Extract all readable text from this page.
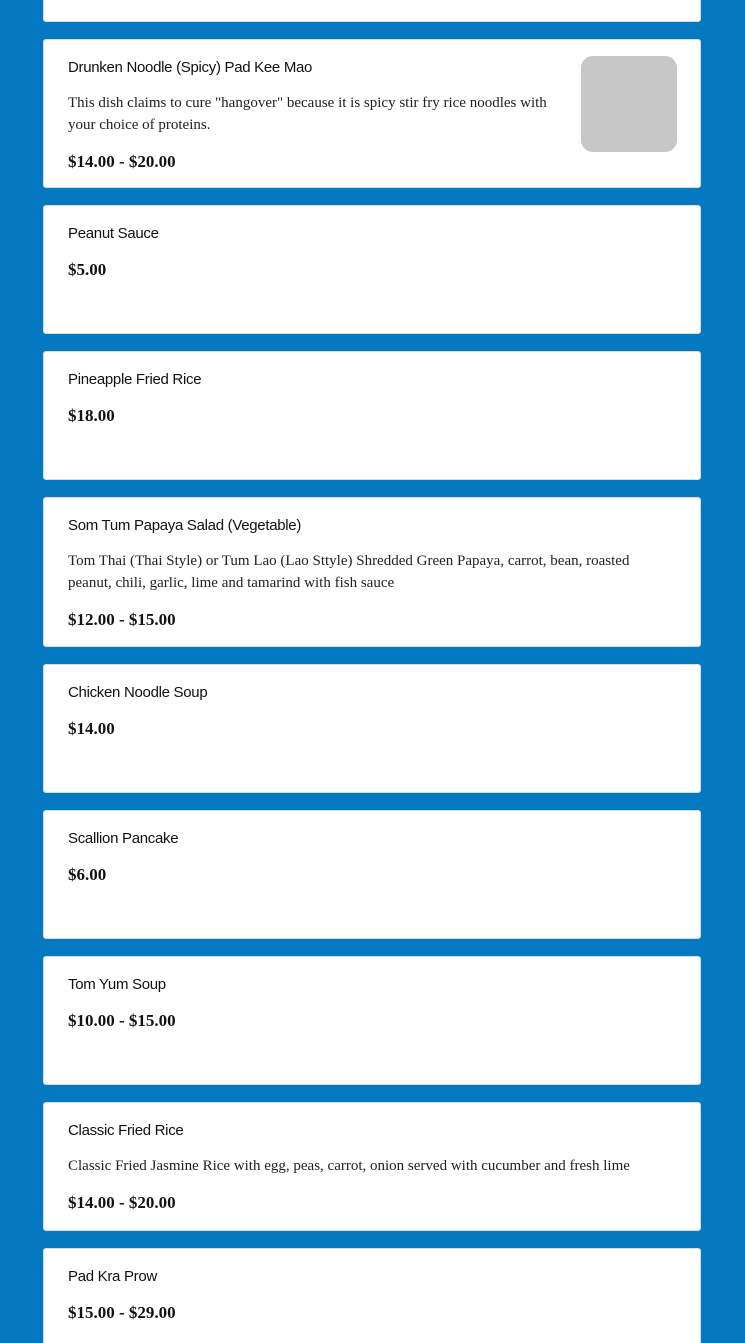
Drunken Noodle (Spicy) Pad Kee Mao

This dish claims to cure "hangover" because it is spicy stir fry rice noodles with your choice of proteins.

$14.00 - $20.00

Peanut Sauce

$5.00

Pineapple Fried Rice

$18.00

Som Tum Papaya Salad (Vegetable)

Tom Thai (Thai Style) or Tum Lao (Lao Sttyle) Shredded Green Papaya, carrot, bean, roasted peanut, chili, garlic, lime and tamarind with fish sauce

$12.00 - $15.00

Chicken Noodle Soup

$14.00

Scallion Pancake

$6.00

Tom Yum Soup

$10.00 - $15.00

Classic Fried Rice

Classic Fried Jasmine Rice with egg, peas, carrot, onion served with cucumber and fresh lime

$14.00 - $20.00

Pad Kra Prow

$15.00 - $29.00
